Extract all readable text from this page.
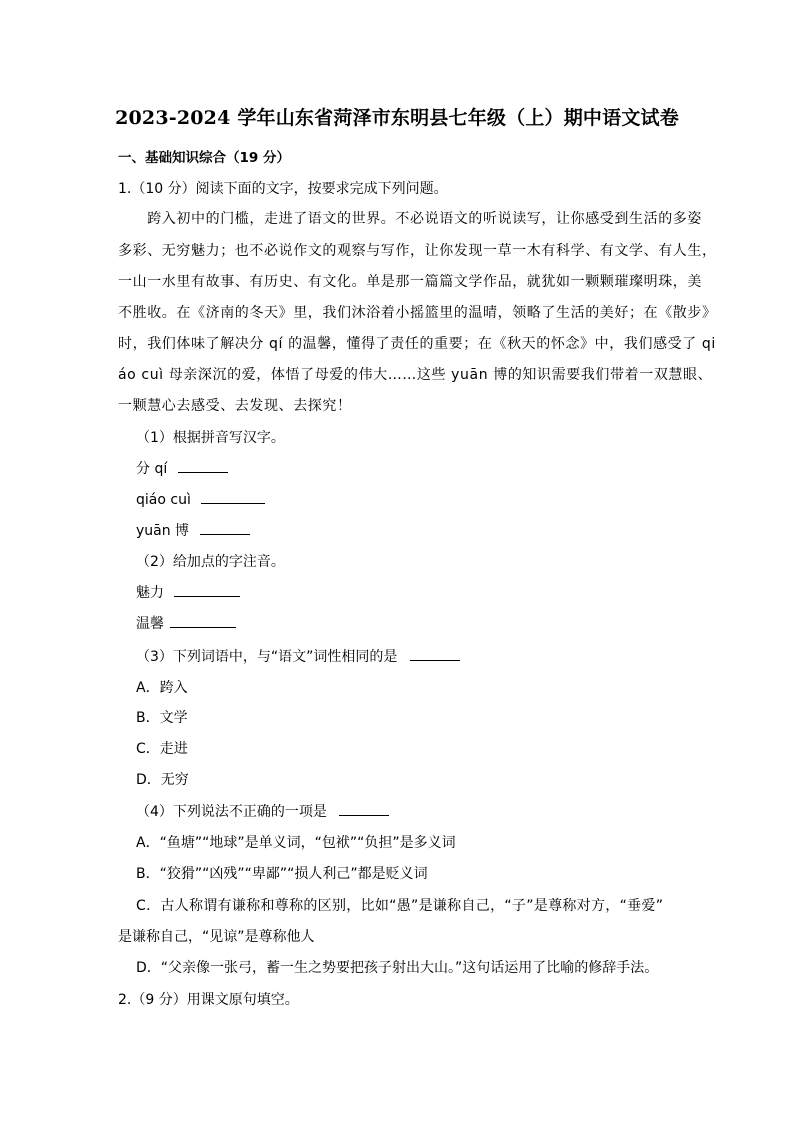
2023-2024 学年山东省菏泽市东明县七年级（上）期中语文试卷
一、基础知识综合（19 分）
1.（10 分）阅读下面的文字，按要求完成下列问题。
　　跨入初中的门槛，走进了语文的世界。不必说语文的听说读写，让你感受到生活的多姿
多彩、无穷魅力；也不必说作文的观察与写作，让你发现一草一木有科学、有文学、有人生，
一山一水里有故事、有历史、有文化。单是那一篇篇文学作品，就犹如一颗颗璀璨明珠，美
不胜收。在《济南的冬天》里，我们沐浴着小摇篮里的温晴，领略了生活的美好；在《散步》
时，我们体味了解决分 qí 的温馨，懂得了责任的重要；在《秋天的怀念》中，我们感受了 qi
áo cuì 母亲深沉的爱，体悟了母爱的伟大……这些 yuān 博的知识需要我们带着一双慧眼、
一颗慧心去感受、去发现、去探究！
（1）根据拼音写汉字。
分 qí
qiáo cuì
yuān 博
（2）给加点的字注音。
魅力
温馨
（3）下列词语中，与“语文”词性相同的是
A．跨入
B．文学
C．走进
D．无穷
（4）下列说法不正确的一项是
A．“鱼塘”“地球”是单义词，“包袱”“负担”是多义词
B．“狡猾”“凶残”“卑鄙”“损人利己”都是贬义词
C．古人称谓有谦称和尊称的区别，比如“愚”是谦称自己，“子”是尊称对方，“垂爱”
是谦称自己，“见谅”是尊称他人
D．“父亲像一张弓，蓄一生之势要把孩子射出大山。”这句话运用了比喻的修辞手法。
2.（9 分）用课文原句填空。
